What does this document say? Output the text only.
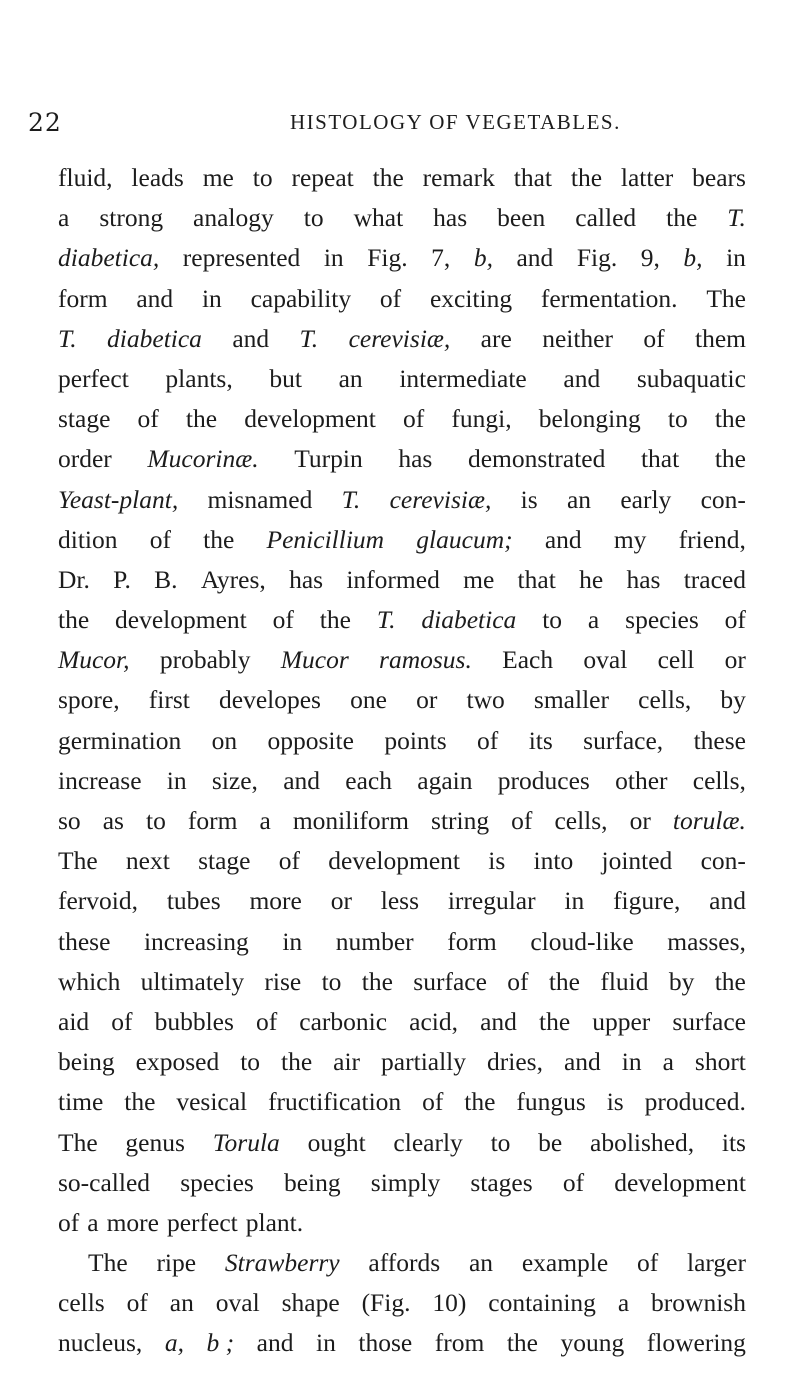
22	HISTOLOGY OF VEGETABLES.
fluid, leads me to repeat the remark that the latter bears
a strong analogy to what has been called the T.
diabetica, represented in Fig. 7, b, and Fig. 9, b, in
form and in capability of exciting fermentation. The
T. diabetica and T. cerevisiæ, are neither of them
perfect plants, but an intermediate and subaquatic
stage of the development of fungi, belonging to the
order Mucorinæ. Turpin has demonstrated that the
Yeast-plant, misnamed T. cerevisiæ, is an early con-
dition of the Penicillium glaucum; and my friend,
Dr. P. B. Ayres, has informed me that he has traced
the development of the T. diabetica to a species of
Mucor, probably Mucor ramosus. Each oval cell or
spore, first developes one or two smaller cells, by
germination on opposite points of its surface, these
increase in size, and each again produces other cells,
so as to form a moniliform string of cells, or torulæ.
The next stage of development is into jointed con-
fervoid, tubes more or less irregular in figure, and
these increasing in number form cloud-like masses,
which ultimately rise to the surface of the fluid by the
aid of bubbles of carbonic acid, and the upper surface
being exposed to the air partially dries, and in a short
time the vesical fructification of the fungus is produced.
The genus Torula ought clearly to be abolished, its
so-called species being simply stages of development
of a more perfect plant.
The ripe Strawberry affords an example of larger
cells of an oval shape (Fig. 10) containing a brownish
nucleus, a, b ; and in those from the young flowering
